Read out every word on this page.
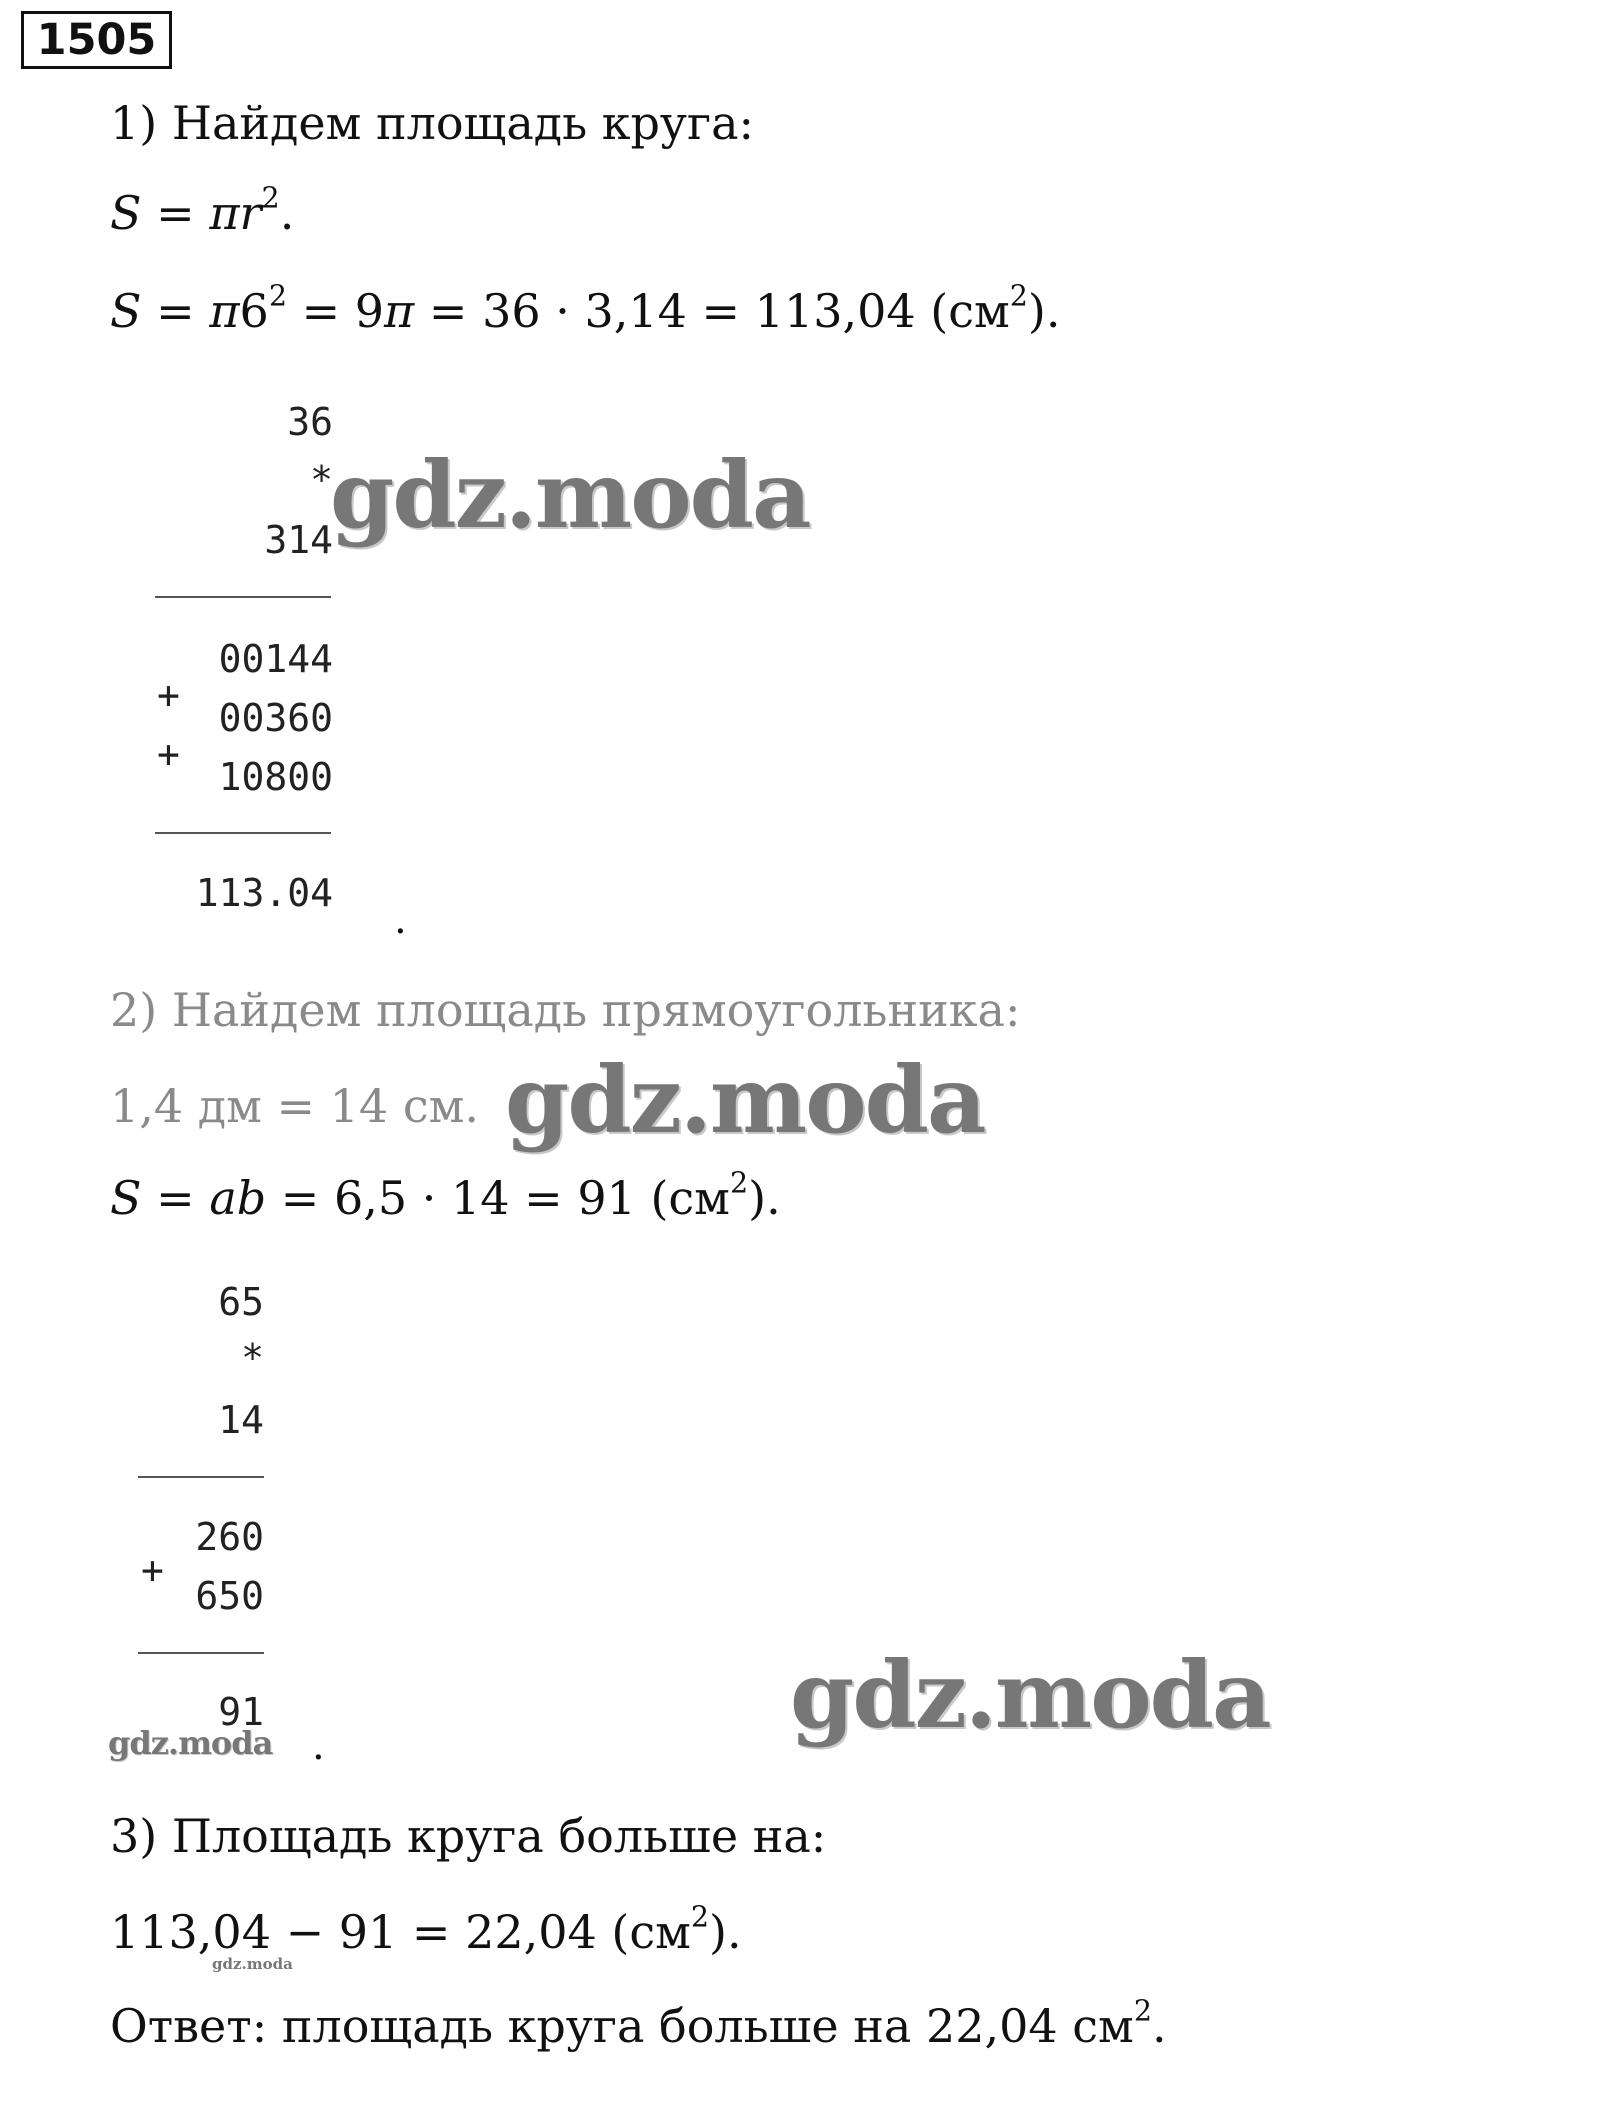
1505
1) Найдем площадь круга:
$S = \pi r^2$.
$S = \pi 6^2 = 9\pi = 36 \cdot 3,14 = 113,04$ $(см^2)$.
36
*
314
00144
+
00360
+
10800
113.04
.
2) Найдем площадь прямоугольника:
1,4 дм = 14 см.
S = ab = 6,5 · 14 = 91 $(см^2)$.
65
*
14
260
+
650
91
.
3) Площадь круга больше на:
113,04 − 91 = 22,04 $(см^2)$.
Ответ: площадь круга больше на 22,04 $см^2$.
gdz.moda
gdz.moda
gdz.moda
gdz.moda
gdz.moda
